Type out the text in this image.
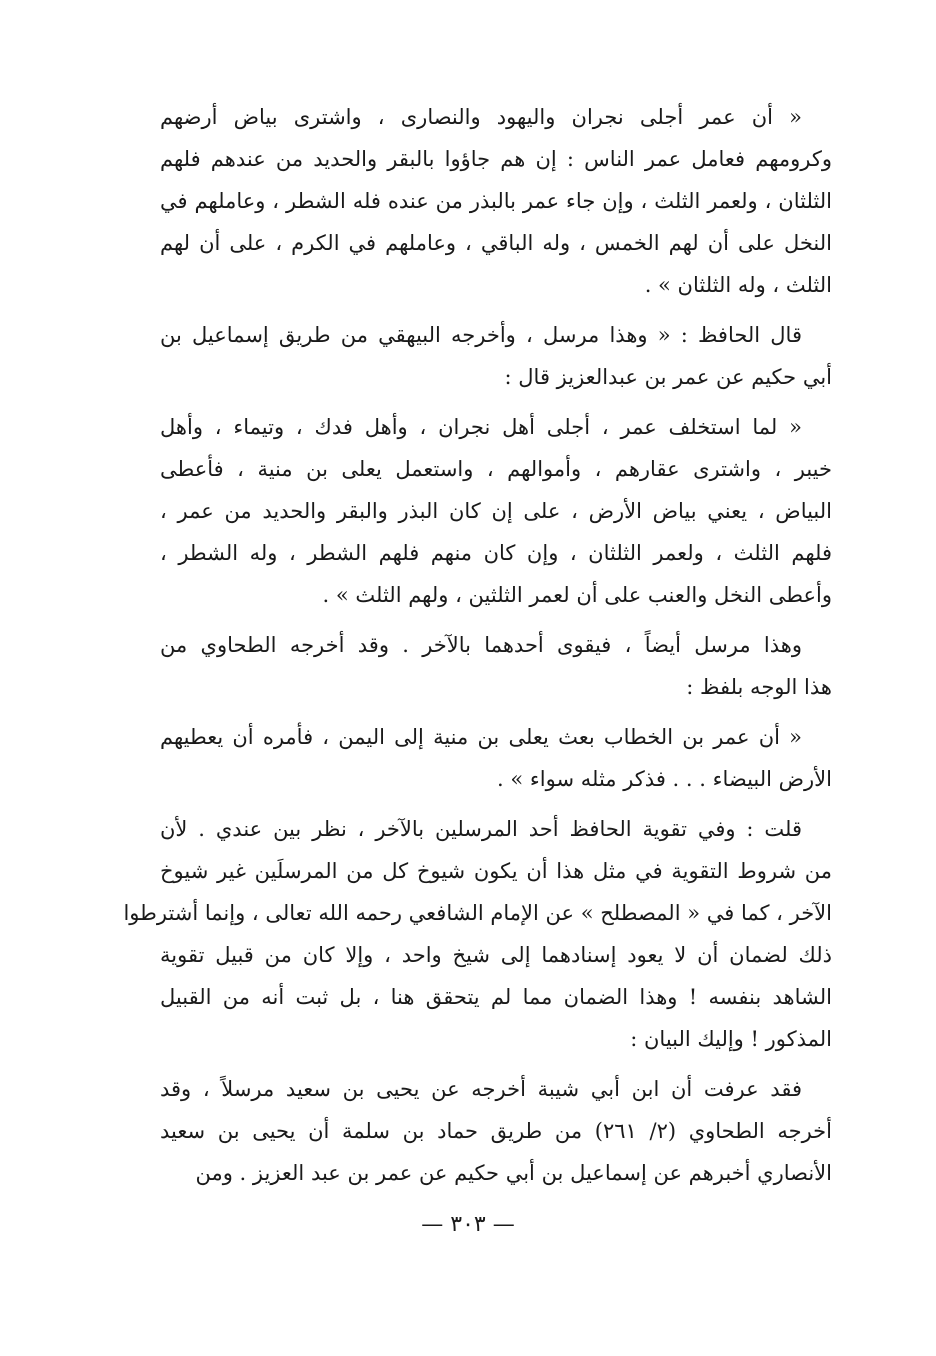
« أن عمر أجلى نجران واليهود والنصارى ، واشترى بياض أرضهم
وكرومهم فعامل عمر الناس : إن هم جاؤوا بالبقر والحديد من عندهم فلهم
الثلثان ، ولعمر الثلث ، وإن جاء عمر بالبذر من عنده فله الشطر ، وعاملهم في
النخل على أن لهم الخمس ، وله الباقي ، وعاملهم في الكرم ، على أن لهم
الثلث ، وله الثلثان » .
قال الحافظ : « وهذا مرسل ، وأخرجه البيهقي من طريق إسماعيل بن
أبي حكيم عن عمر بن عبدالعزيز قال :
« لما استخلف عمر ، أجلى أهل نجران ، وأهل فدك ، وتيماء ، وأهل
خيبر ، واشترى عقارهم ، وأموالهم ، واستعمل يعلى بن منية ، فأعطى
البياض ، يعني بياض الأرض ، على إن كان البذر والبقر والحديد من عمر ،
فلهم الثلث ، ولعمر الثلثان ، وإن كان منهم فلهم الشطر ، وله الشطر ،
وأعطى النخل والعنب على أن لعمر الثلثين ، ولهم الثلث » .
وهذا مرسل أيضاً ، فيقوى أحدهما بالآخر . وقد أخرجه الطحاوي من
هذا الوجه بلفظ :
« أن عمر بن الخطاب بعث يعلى بن منية إلى اليمن ، فأمره أن يعطيهم
الأرض البيضاء . . . فذكر مثله سواء » .
قلت : وفي تقوية الحافظ أحد المرسلين بالآخر ، نظر بين عندي . لأن
من شروط التقوية في مثل هذا أن يكون شيوخ كل من المرسلَين غير شيوخ
الآخر ، كما في « المصطلح » عن الإمام الشافعي رحمه الله تعالى ، وإنما أشترطوا
ذلك لضمان أن لا يعود إسنادهما إلى شيخ واحد ، وإلا كان من قبيل تقوية
الشاهد بنفسه ! وهذا الضمان مما لم يتحقق هنا ، بل ثبت أنه من القبيل
المذكور ! وإليك البيان :
فقد عرفت أن ابن أبي شيبة أخرجه عن يحيى بن سعيد مرسلاً ، وقد
أخرجه الطحاوي (٢/ ٢٦١) من طريق حماد بن سلمة أن يحيى بن سعيد
الأنصاري أخبرهم عن إسماعيل بن أبي حكيم عن عمر بن عبد العزيز . ومن
— ٣٠٣ —
